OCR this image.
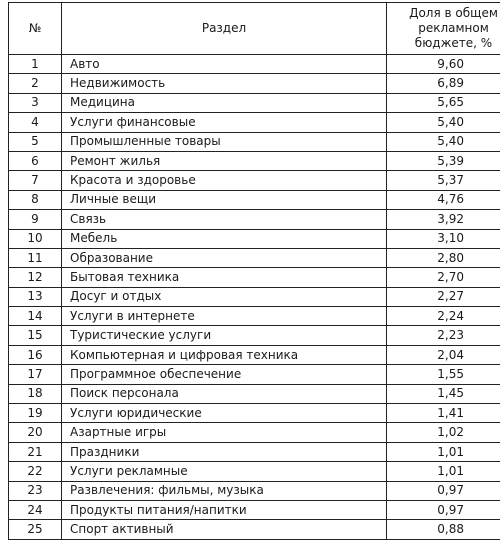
№	Раздел	Доля в общем рекламном бюджете, %
1	Авто	9,60
2	Недвижимость	6,89
3	Медицина	5,65
4	Услуги финансовые	5,40
5	Промышленные товары	5,40
6	Ремонт жилья	5,39
7	Красота и здоровье	5,37
8	Личные вещи	4,76
9	Связь	3,92
10	Мебель	3,10
11	Образование	2,80
12	Бытовая техника	2,70
13	Досуг и отдых	2,27
14	Услуги в интернете	2,24
15	Туристические услуги	2,23
16	Компьютерная и цифровая техника	2,04
17	Программное обеспечение	1,55
18	Поиск персонала	1,45
19	Услуги юридические	1,41
20	Азартные игры	1,02
21	Праздники	1,01
22	Услуги рекламные	1,01
23	Развлечения: фильмы, музыка	0,97
24	Продукты питания/напитки	0,97
25	Спорт активный	0,88
